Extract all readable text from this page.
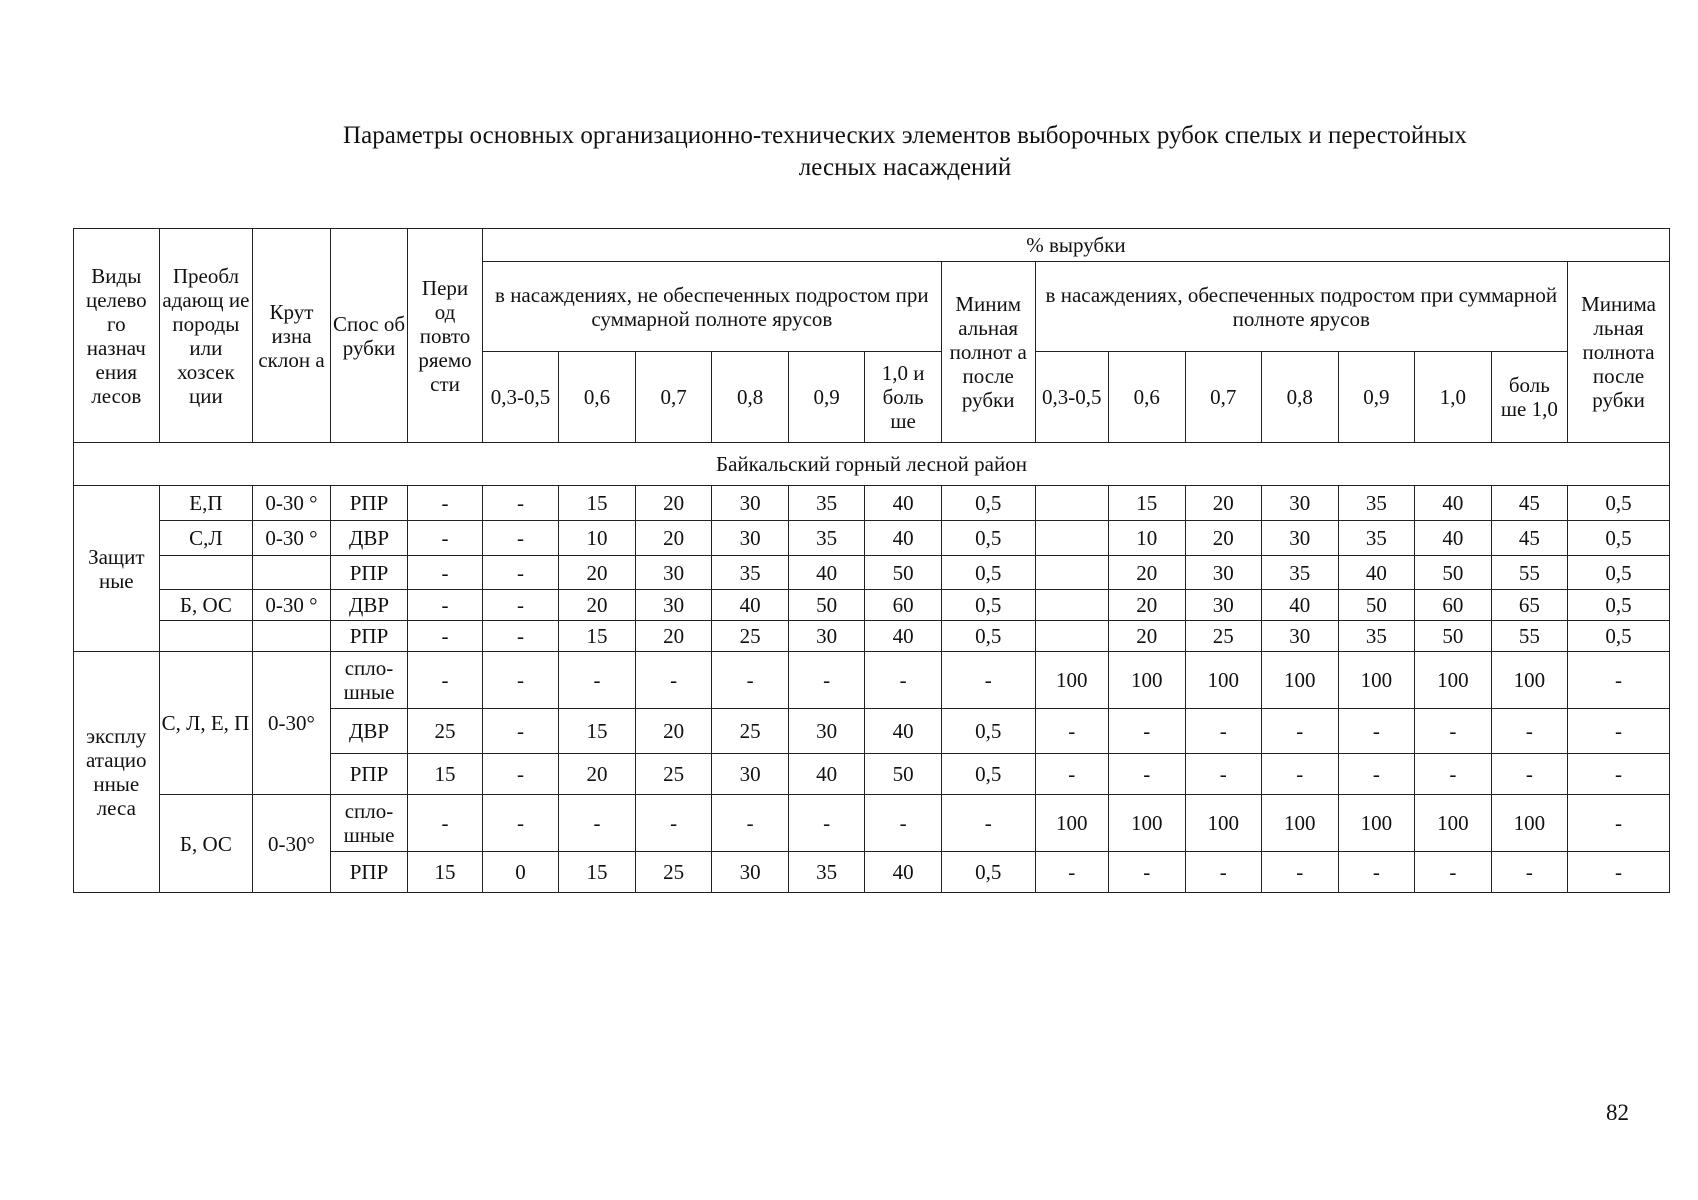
Параметры основных организационно-технических элементов выборочных рубок спелых и перестойных
лесных насаждений
Виды целево го назнач ения лесов	Преобл адающ ие породы или хозсек ции	Крут изна склон а	Спос об рубки	Пери од повто ряемо сти	% вырубки														
					в насаждениях, не обеспеченных подростом при суммарной полноте ярусов						Миним альная полнот а после рубки	в насаждениях, обеспеченных подростом при суммарной полноте ярусов							Минима льная полнота после рубки
					0,3-0,5	0,6	0,7	0,8	0,9	1,0 и боль ше		0,3-0,5	0,6	0,7	0,8	0,9	1,0	боль ше 1,0	
Байкальский горный лесной район																			
Защит ные	Е,П	0-30 °	РПР	-	-	15	20	30	35	40	0,5		15	20	30	35	40	45	0,5
	С,Л	0-30 °	ДВР	-	-	10	20	30	35	40	0,5		10	20	30	35	40	45	0,5
			РПР	-	-	20	30	35	40	50	0,5		20	30	35	40	50	55	0,5
	Б, ОС	0-30 °	ДВР	-	-	20	30	40	50	60	0,5		20	30	40	50	60	65	0,5
			РПР	-	-	15	20	25	30	40	0,5		20	25	30	35	50	55	0,5
эксплу атацио нные леса	С, Л, Е, П	0-30°	спло- шные	-	-	-	-	-	-	-	-	100	100	100	100	100	100	100	-
			ДВР	25	-	15	20	25	30	40	0,5	-	-	-	-	-	-	-	-
			РПР	15	-	20	25	30	40	50	0,5	-	-	-	-	-	-	-	-
	Б, ОС	0-30°	спло- шные	-	-	-	-	-	-	-	-	100	100	100	100	100	100	100	-
			РПР	15	0	15	25	30	35	40	0,5	-	-	-	-	-	-	-	-
82
